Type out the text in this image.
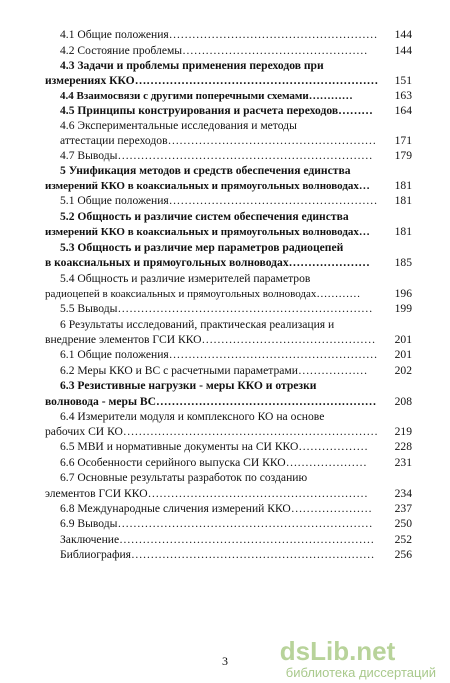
4.1 Общие положения………………………………………………	144
4.2 Состояние проблемы…………………………………………	144
4.3 Задачи и проблемы применения переходов при
измерениях ККО………………………………………………………	151
4.4 Взаимосвязи с другими поперечными схемами…………	163
4.5 Принципы конструирования и расчета переходов………	164
4.6 Экспериментальные исследования и методы
аттестации переходов………………………………………………	171
4.7 Выводы…………………………………………………………	179
5 Унификация методов и средств обеспечения единства
измерений ККО в коаксиальных и прямоугольных волноводах…	181
5.1 Общие положения………………………………………………	181
5.2 Общность и различие систем обеспечения единства
измерений ККО в коаксиальных и прямоугольных волноводах…	181
5.3 Общность и различие мер параметров радиоцепей
в коаксиальных и прямоугольных волноводах…………………	185
5.4 Общность и различие измерителей параметров
радиоцепей в коаксиальных и прямоугольных волноводах…………	196
5.5 Выводы…………………………………………………………	199
6 Результаты исследований, практическая реализация и
внедрение элементов ГСИ ККО………………………………………	201
6.1 Общие положения………………………………………………	201
6.2 Меры ККО и ВС с расчетными параметрами………………	202
6.3 Резистивные нагрузки - меры ККО и отрезки
волновода - меры ВС…………………………………………………	208
6.4 Измерители модуля и комплексного КО на основе
рабочих СИ КО…………………………………………………………	219
6.5 МВИ и нормативные документы на СИ ККО………………	228
6.6 Особенности серийного выпуска СИ ККО…………………	231
6.7 Основные результаты разработок по созданию
элементов ГСИ ККО…………………………………………………	234
6.8 Международные сличения измерений ККО…………………	237
6.9 Выводы…………………………………………………………	250
Заключение…………………………………………………………	252
Библиография………………………………………………………	256
3	dsLib.net
библиотека диссертаций
